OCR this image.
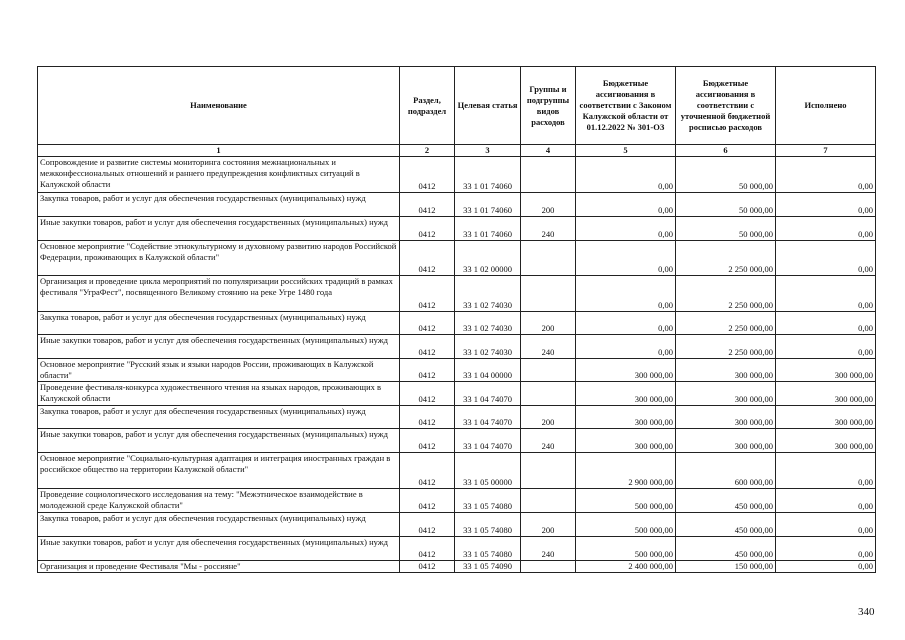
Наименование	Раздел, подраздел	Целевая статья	Группы и подгруппы видов расходов	Бюджетные ассигнования в соответствии с Законом Калужской области от 01.12.2022 № 301-ОЗ	Бюджетные ассигнования в соответствии с уточненной бюджетной росписью расходов	Исполнено
1	2	3	4	5	6	7
Сопровождение и развитие системы мониторинга состояния межнациональных и межконфессиональных отношений и раннего предупреждения конфликтных ситуаций в Калужской области	0412	33 1 01 74060		0,00	50 000,00	0,00
Закупка товаров, работ и услуг для обеспечения государственных (муниципальных) нужд	0412	33 1 01 74060	200	0,00	50 000,00	0,00
Иные закупки товаров, работ и услуг для обеспечения государственных (муниципальных) нужд	0412	33 1 01 74060	240	0,00	50 000,00	0,00
Основное мероприятие "Содействие этнокультурному и духовному развитию народов Российской Федерации, проживающих в Калужской области"	0412	33 1 02 00000		0,00	2 250 000,00	0,00
Организация и проведение цикла мероприятий по популяризации российских традиций в рамках фестиваля "УграФест", посвященного Великому стоянию на реке Угре 1480 года	0412	33 1 02 74030		0,00	2 250 000,00	0,00
Закупка товаров, работ и услуг для обеспечения государственных (муниципальных) нужд	0412	33 1 02 74030	200	0,00	2 250 000,00	0,00
Иные закупки товаров, работ и услуг для обеспечения государственных (муниципальных) нужд	0412	33 1 02 74030	240	0,00	2 250 000,00	0,00
Основное мероприятие "Русский язык и языки народов России, проживающих в Калужской области"	0412	33 1 04 00000		300 000,00	300 000,00	300 000,00
Проведение фестиваля-конкурса художественного чтения на языках народов, проживающих в Калужской области	0412	33 1 04 74070		300 000,00	300 000,00	300 000,00
Закупка товаров, работ и услуг для обеспечения государственных (муниципальных) нужд	0412	33 1 04 74070	200	300 000,00	300 000,00	300 000,00
Иные закупки товаров, работ и услуг для обеспечения государственных (муниципальных) нужд	0412	33 1 04 74070	240	300 000,00	300 000,00	300 000,00
Основное мероприятие "Социально-культурная адаптация и интеграция иностранных граждан в российское общество на территории Калужской области"	0412	33 1 05 00000		2 900 000,00	600 000,00	0,00
Проведение социологического исследования на тему: "Межэтническое взаимодействие в молодежной среде Калужской области"	0412	33 1 05 74080		500 000,00	450 000,00	0,00
Закупка товаров, работ и услуг для обеспечения государственных (муниципальных) нужд	0412	33 1 05 74080	200	500 000,00	450 000,00	0,00
Иные закупки товаров, работ и услуг для обеспечения государственных (муниципальных) нужд	0412	33 1 05 74080	240	500 000,00	450 000,00	0,00
Организация и проведение Фестиваля "Мы - россияне"	0412	33 1 05 74090		2 400 000,00	150 000,00	0,00
340
